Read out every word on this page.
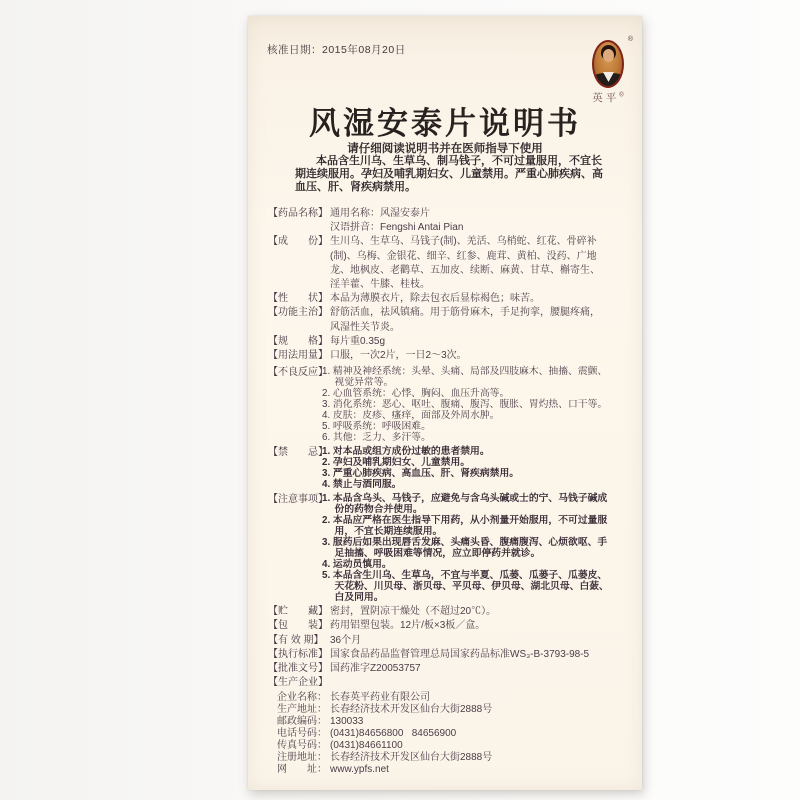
核准日期：2015年08月20日
®
英平®
风湿安泰片说明书
请仔细阅读说明书并在医师指导下使用
本品含生川乌、生草乌、制马钱子，不可过量服用，不宜长
期连续服用。孕妇及哺乳期妇女、儿童禁用。严重心肺疾病、高
血压、肝、肾疾病禁用。
【药品名称】 通用名称：风湿安泰片
汉语拼音：Fengshi Antai Pian
【成　　份】 生川乌、生草乌、马钱子(制)、羌活、乌梢蛇、红花、骨碎补
(制)、乌梅、金银花、细辛、红参、鹿茸、黄柏、没药、广地
龙、地枫皮、老鹳草、五加皮、续断、麻黄、甘草、槲寄生、
淫羊藿、牛膝、桂枝。
【性　　状】 本品为薄膜衣片，除去包衣后显棕褐色；味苦。
【功能主治】 舒筋活血，祛风镇痛。用于筋骨麻木，手足拘挛，腰腿疼痛，
风湿性关节炎。
【规　　格】 每片重0.35g
【用法用量】 口服，一次2片，一日2～3次。
【不良反应】
1. 精神及神经系统：头晕、头痛、局部及四肢麻木、抽搐、震颤、
　 视觉异常等。
2. 心血管系统：心悸、胸闷、血压升高等。
3. 消化系统：恶心、呕吐、腹痛、腹泻、腹胀、胃灼热、口干等。
4. 皮肤：皮疹、瘙痒，面部及外周水肿。
5. 呼吸系统：呼吸困难。
6. 其他：乏力、多汗等。
【禁　　忌】
1. 对本品或组方成份过敏的患者禁用。
2. 孕妇及哺乳期妇女、儿童禁用。
3. 严重心肺疾病、高血压、肝、肾疾病禁用。
4. 禁止与酒同服。
【注意事项】
1. 本品含乌头、马钱子，应避免与含乌头碱或士的宁、马钱子碱成
　 份的药物合并使用。
2. 本品应严格在医生指导下用药，从小剂量开始服用，不可过量服
　 用，不宜长期连续服用。
3. 服药后如果出现唇舌发麻、头痛头昏、腹痛腹泻、心烦欲呕、手
　 足抽搐、呼吸困难等情况，应立即停药并就诊。
4. 运动员慎用。
5. 本品含生川乌、生草乌，不宜与半夏、瓜蒌、瓜蒌子、瓜蒌皮、
　 天花粉、川贝母、浙贝母、平贝母、伊贝母、湖北贝母、白蔹、
　 白及同用。
【贮　　藏】 密封，置阴凉干燥处（不超过20℃）。
【包　　装】 药用铝塑包装。12片/板×3板／盒。
【有 效 期】 36个月
【执行标准】 国家食品药品监督管理总局国家药品标准WS₃-B-3793-98-5
【批准文号】 国药准字Z20053757
【生产企业】
企业名称： 长春英平药业有限公司
生产地址： 长春经济技术开发区仙台大街2888号
邮政编码： 130033
电话号码： (0431)84656800   84656900
传真号码： (0431)84661100
注册地址： 长春经济技术开发区仙台大街2888号
网　　址： www.ypfs.net
